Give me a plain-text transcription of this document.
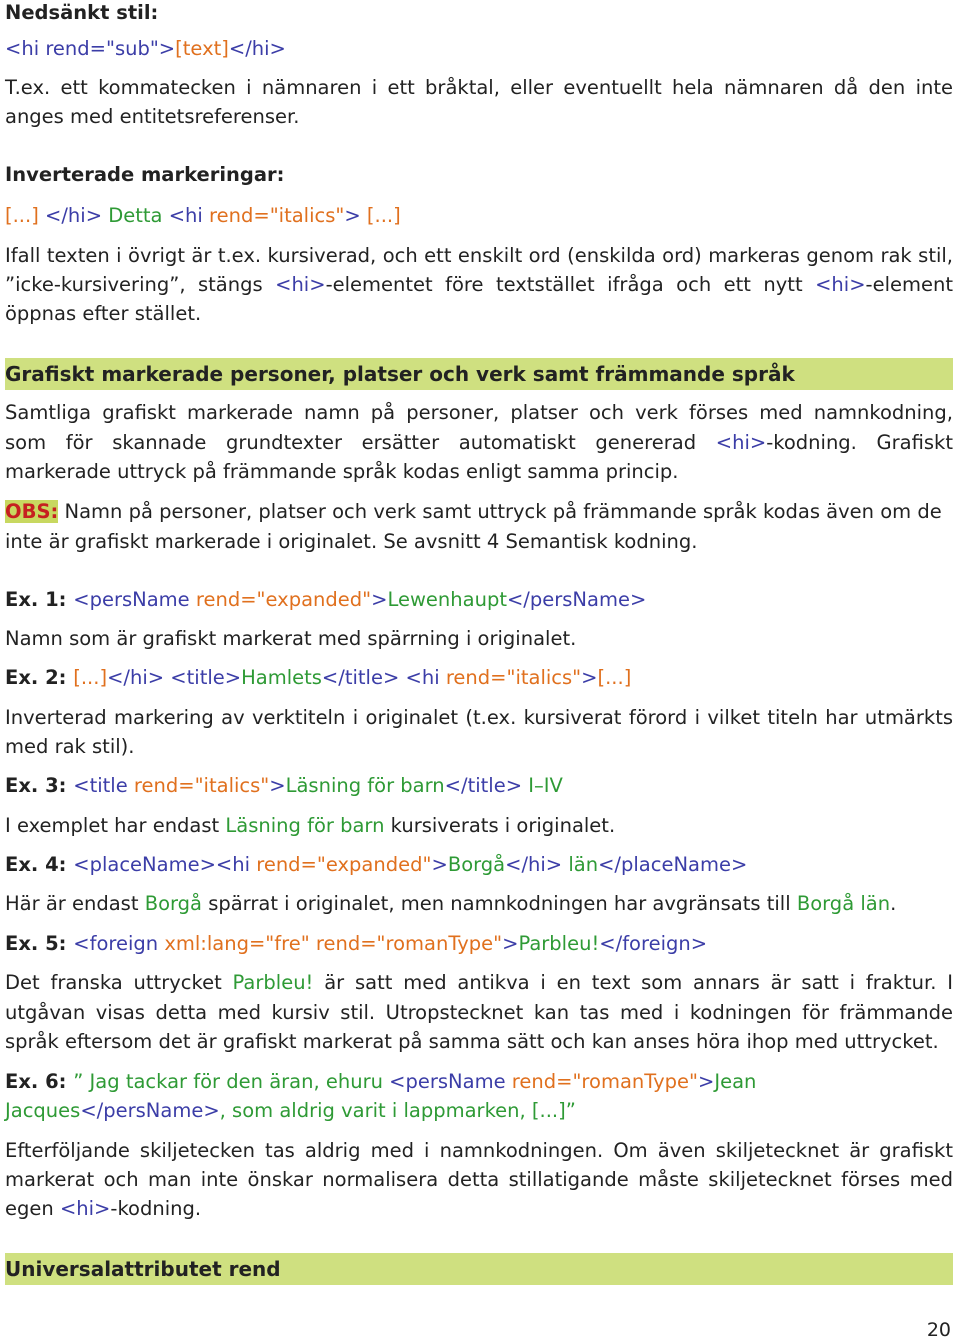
Nedsänkt stil:
<hi rend="sub">[text]</hi>
T.ex. ett kommatecken i nämnaren i ett bråktal, eller eventuellt hela nämnaren då den inte
anges med entitetsreferenser.
Inverterade markeringar:
[...] </hi> Detta <hi rend="italics"> [...]
Ifall texten i övrigt är t.ex. kursiverad, och ett enskilt ord (enskilda ord) markeras genom rak stil,
”icke-kursivering”, stängs <hi>-elementet före textstället ifråga och ett nytt <hi>-element
öppnas efter stället.
Grafiskt markerade personer, platser och verk samt främmande språk
Samtliga grafiskt markerade namn på personer, platser och verk förses med namnkodning,
som för skannade grundtexter ersätter automatiskt genererad <hi>-kodning. Grafiskt
markerade uttryck på främmande språk kodas enligt samma princip.
OBS: Namn på personer, platser och verk samt uttryck på främmande språk kodas även om de
inte är grafiskt markerade i originalet. Se avsnitt 4 Semantisk kodning.
Ex. 1: <persName rend="expanded">Lewenhaupt</persName>
Namn som är grafiskt markerat med spärrning i originalet.
Ex. 2: [...]</hi> <title>Hamlets</title> <hi rend="italics">[...]
Inverterad markering av verktiteln i originalet (t.ex. kursiverat förord i vilket titeln har utmärkts
med rak stil).
Ex. 3: <title rend="italics">Läsning för barn</title> I–IV
I exemplet har endast Läsning för barn kursiverats i originalet.
Ex. 4: <placeName><hi rend="expanded">Borgå</hi> län</placeName>
Här är endast Borgå spärrat i originalet, men namnkodningen har avgränsats till Borgå län.
Ex. 5: <foreign xml:lang="fre" rend="romanType">Parbleu!</foreign>
Det franska uttrycket Parbleu! är satt med antikva i en text som annars är satt i fraktur. I
utgåvan visas detta med kursiv stil. Utropstecknet kan tas med i kodningen för främmande
språk eftersom det är grafiskt markerat på samma sätt och kan anses höra ihop med uttrycket.
Ex. 6: ” Jag tackar för den äran, ehuru <persName rend="romanType">Jean
Jacques</persName>, som aldrig varit i lappmarken, [...]”
Efterföljande skiljetecken tas aldrig med i namnkodningen. Om även skiljetecknet är grafiskt
markerat och man inte önskar normalisera detta stillatigande måste skiljetecknet förses med
egen <hi>-kodning.
Universalattributet rend
20
